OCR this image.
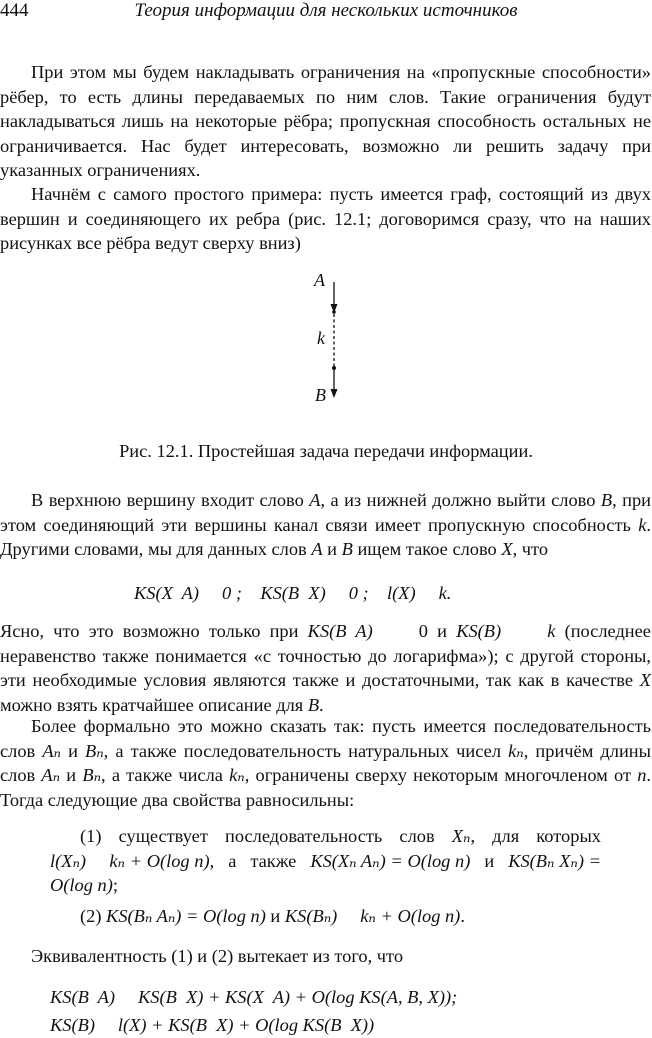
444	Теория информации для нескольких источников

При этом мы будем накладывать ограничения на «пропускные способности» рёбер, то есть длины передаваемых по ним слов. Такие ограничения будут накладываться лишь на некоторые рёбра; пропускная способность остальных не ограничивается. Нас будет интересовать, возможно ли решить задачу при указанных ограничениях.

Начнём с самого простого примера: пусть имеется граф, состоящий из двух вершин и соединяющего их ребра (рис. 12.1; договоримся сразу, что на наших рисунках все рёбра ведут сверху вниз)

A
k
B
Рис. 12.1. Простейшая задача передачи информации.

В верхнюю вершину входит слово A, а из нижней должно выйти слово B, при этом соединяющий эти вершины канал связи имеет пропускную способность k. Другими словами, мы для данных слов A и B ищем такое слово X, что

KS(X  A)     0 ;    KS(B  X)     0 ;    l(X)     k.

Ясно, что это возможно только при KS(B A)     0 и KS(B)	k (последнее неравенство также понимается «с точностью до логарифма»); с другой стороны, эти необходимые условия являются также и достаточными, так как в качестве X можно взять кратчайшее описание для B.

Более формально это можно сказать так: пусть имеется последовательность слов Aₙ и Bₙ, а также последовательность натуральных чисел kₙ, причём длины слов Aₙ и Bₙ, а также числа kₙ, ограничены сверху некоторым многочленом от n. Тогда следующие два свойства равносильны:

(1) существует последовательность слов Xₙ, для которых l(Xₙ)     kₙ + O(log n),   а   также   KS(Xₙ Aₙ) = O(log n)   и   KS(Bₙ Xₙ) = O(log n);

(2) KS(Bₙ Aₙ) = O(log n) и KS(Bₙ)     kₙ + O(log n).

Эквивалентность (1) и (2) вытекает из того, что

KS(B  A)     KS(B  X) + KS(X  A) + O(log KS(A, B, X));
KS(B)     l(X) + KS(B  X) + O(log KS(B  X))
